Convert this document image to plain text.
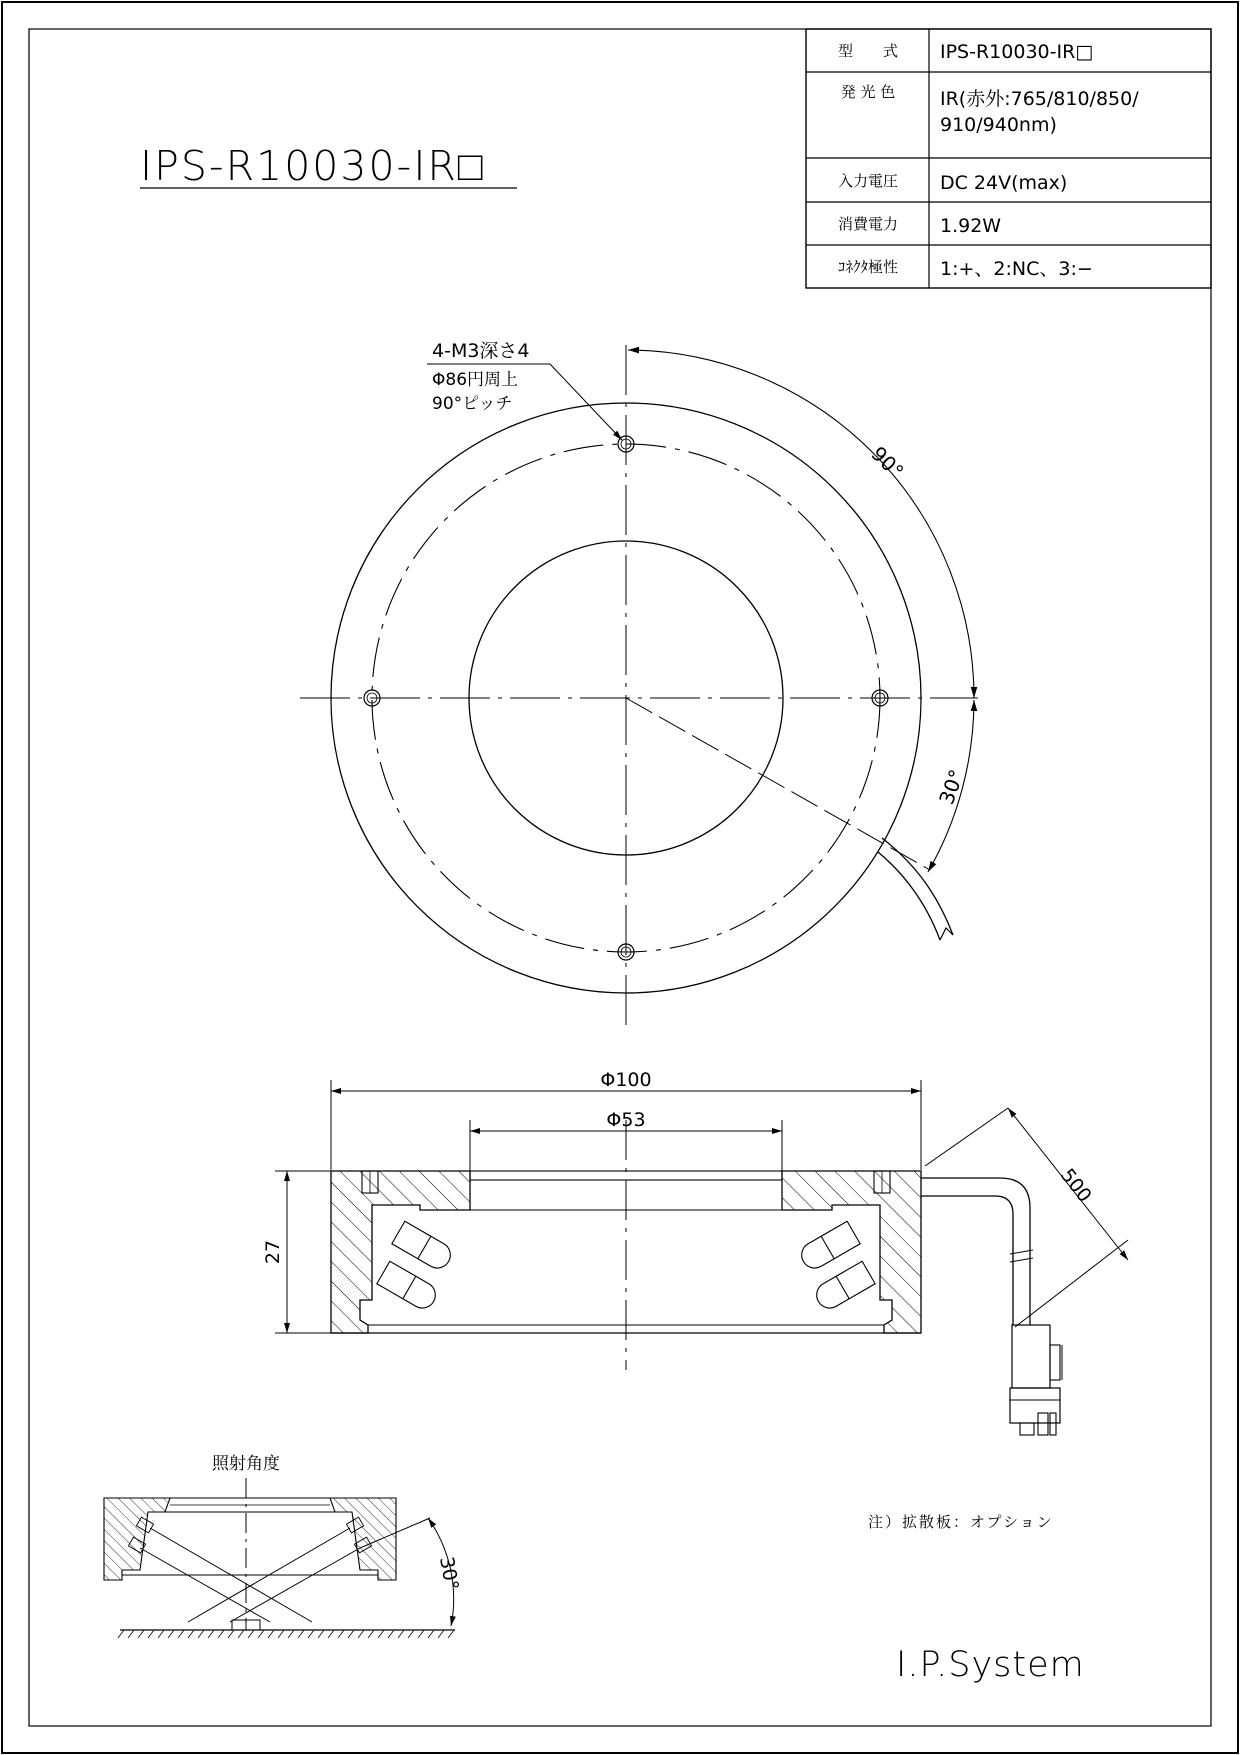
型　　式
発 光 色
入力電圧
消費電力
ｺﾈｸﾀ極性
IPS-R10030-IR□
IR(赤外:765/810/850/
910/940nm)
DC 24V(max)
1.92W
1:+、2:NC、3:−
IPS-R10030-IR□
90°
30°
4-M3深さ4
Φ86円周上
90°ピッチ
Φ100
Φ53
27
500
照射角度
30°
注）拡散板：オプション
I.P.System
